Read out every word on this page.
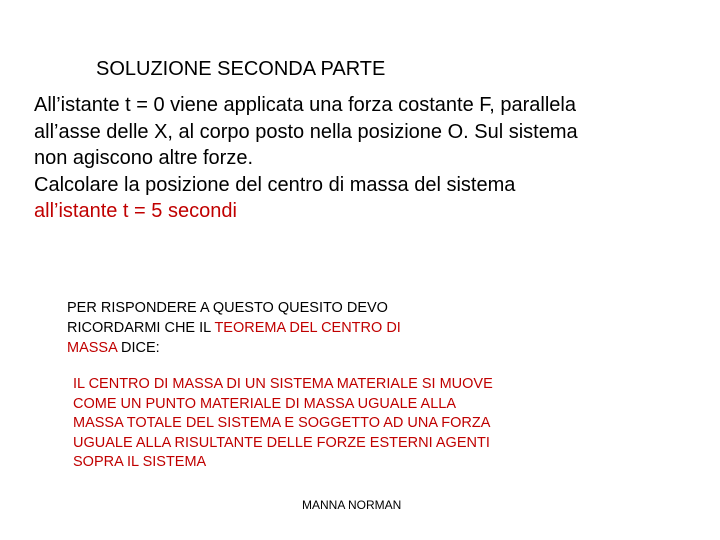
SOLUZIONE SECONDA PARTE

All’istante t = 0 viene applicata una forza costante F, parallela
all’asse delle X, al corpo posto nella posizione O. Sul sistema
non agiscono altre forze.
Calcolare la posizione del centro di massa del sistema
all’istante t = 5 secondi

PER RISPONDERE A QUESTO QUESITO DEVO
RICORDARMI CHE IL TEOREMA DEL CENTRO DI
MASSA DICE:
IL CENTRO DI MASSA DI UN SISTEMA MATERIALE SI MUOVE
COME UN PUNTO MATERIALE DI MASSA UGUALE ALLA
MASSA TOTALE DEL SISTEMA E SOGGETTO AD UNA FORZA
UGUALE ALLA RISULTANTE DELLE FORZE ESTERNI AGENTI
SOPRA IL SISTEMA
MANNA NORMAN
